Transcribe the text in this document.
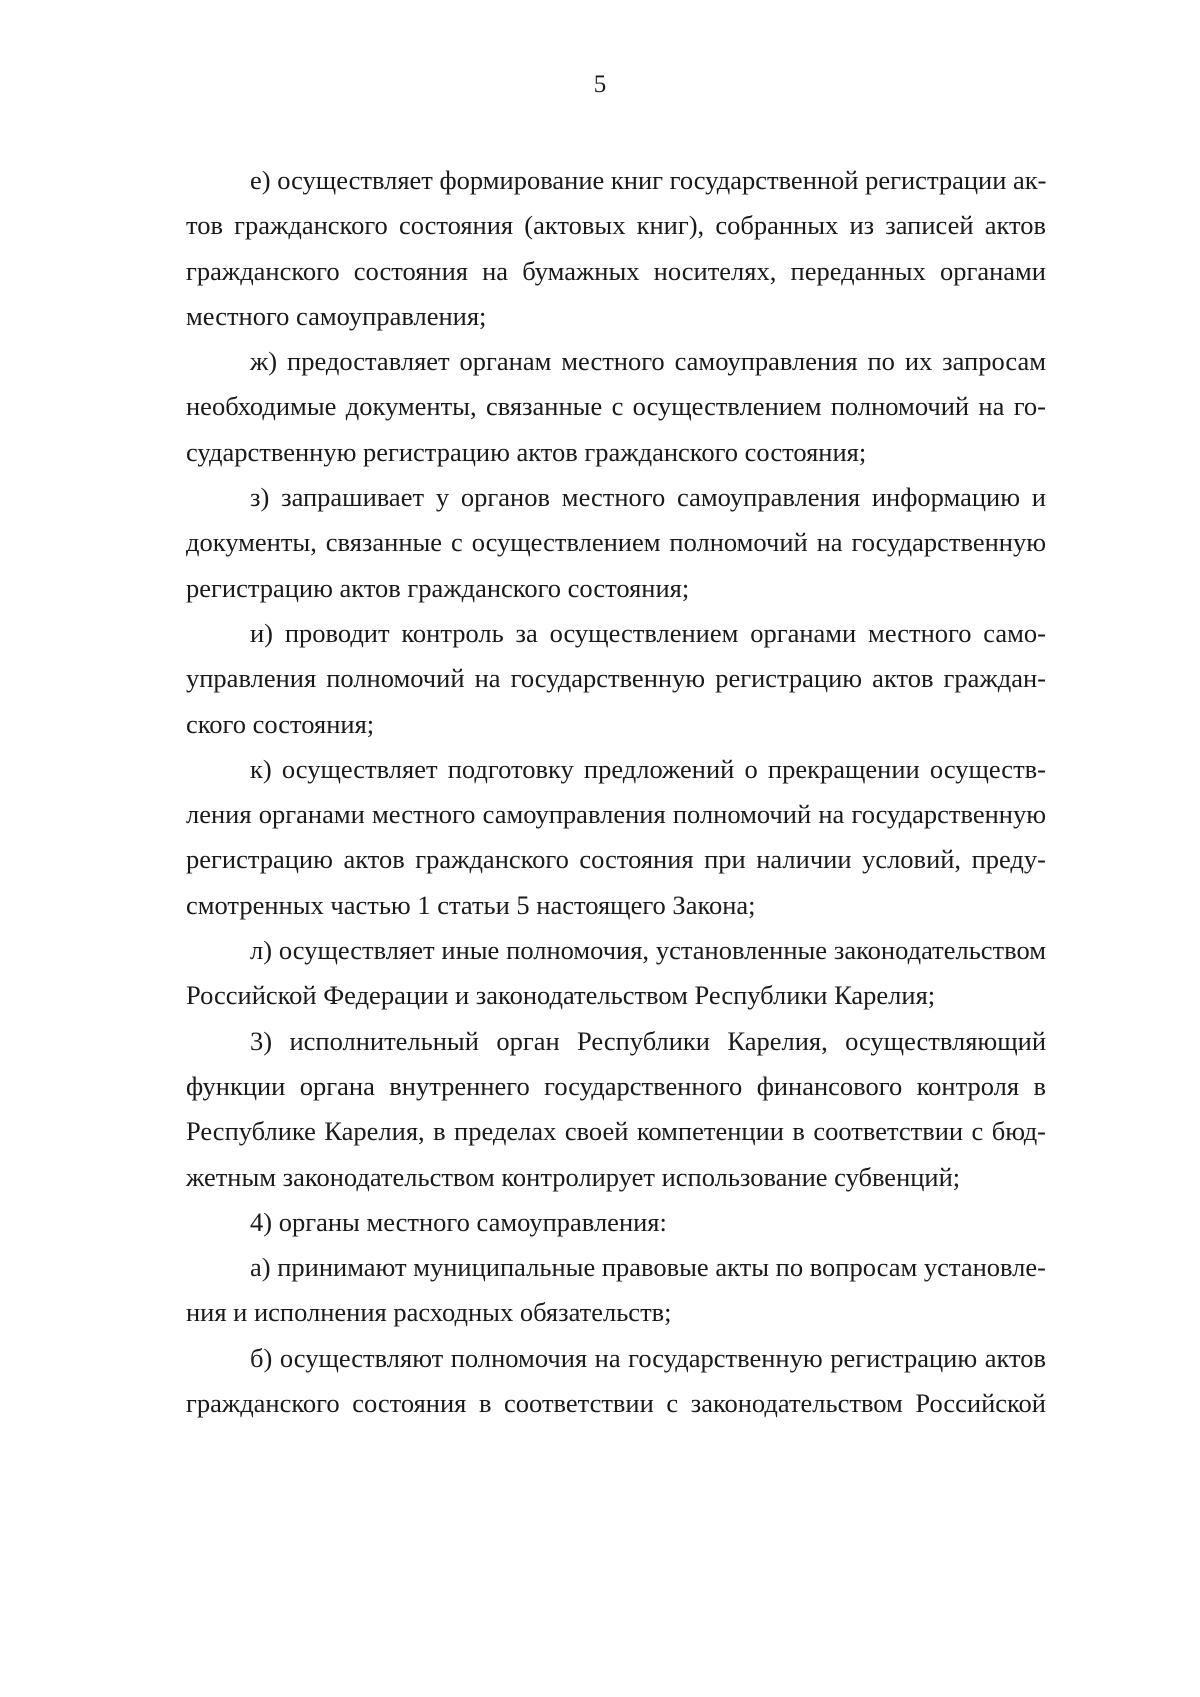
5
е) осуществляет формирование книг государственной регистрации ак-
тов гражданского состояния (актовых книг), собранных из записей актов
гражданского состояния на бумажных носителях, переданных органами
местного самоуправления;
ж) предоставляет органам местного самоуправления по их запросам
необходимые документы, связанные с осуществлением полномочий на го-
сударственную регистрацию актов гражданского состояния;
з) запрашивает у органов местного самоуправления информацию и
документы, связанные с осуществлением полномочий на государственную
регистрацию актов гражданского состояния;
и) проводит контроль за осуществлением органами местного само-
управления полномочий на государственную регистрацию актов граждан-
ского состояния;
к) осуществляет подготовку предложений о прекращении осуществ-
ления органами местного самоуправления полномочий на государственную
регистрацию актов гражданского состояния при наличии условий, преду-
смотренных частью 1 статьи 5 настоящего Закона;
л) осуществляет иные полномочия, установленные законодательством
Российской Федерации и законодательством Республики Карелия;
3) исполнительный орган Республики Карелия, осуществляющий
функции органа внутреннего государственного финансового контроля в
Республике Карелия, в пределах своей компетенции в соответствии с бюд-
жетным законодательством контролирует использование субвенций;
4) органы местного самоуправления:
а) принимают муниципальные правовые акты по вопросам установле-
ния и исполнения расходных обязательств;
б) осуществляют полномочия на государственную регистрацию актов
гражданского состояния в соответствии с законодательством Российской
